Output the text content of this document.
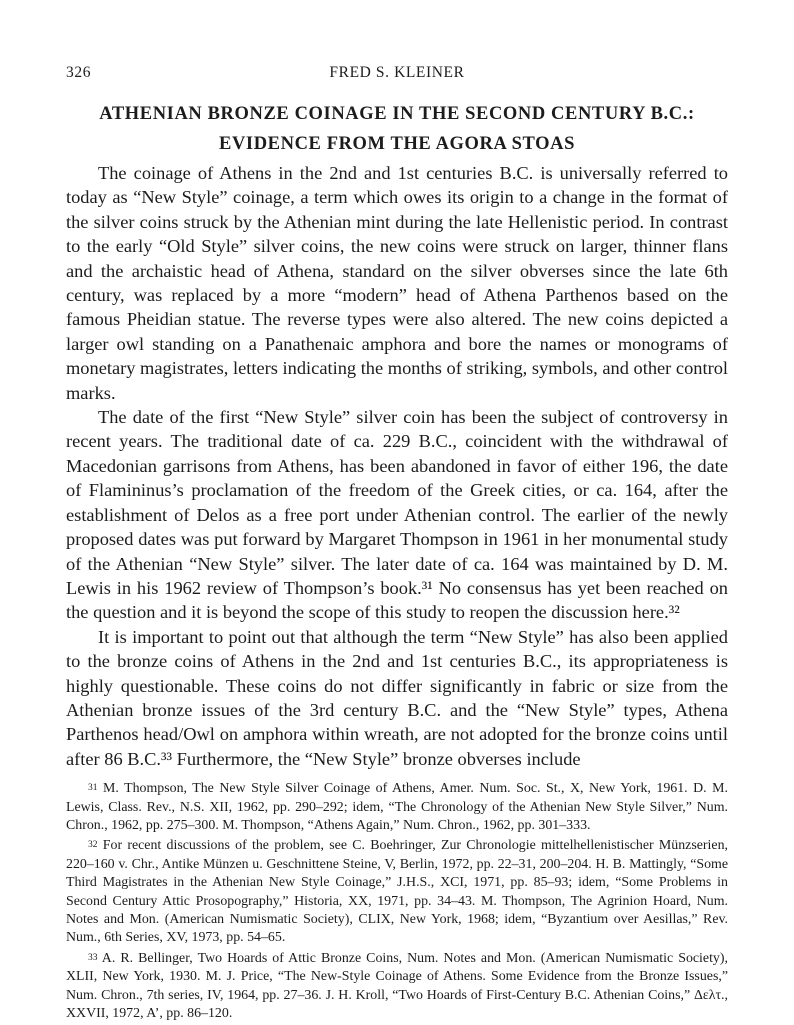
326	FRED S. KLEINER
ATHENIAN BRONZE COINAGE IN THE SECOND CENTURY B.C.:
EVIDENCE FROM THE AGORA STOAS

The coinage of Athens in the 2nd and 1st centuries B.C. is universally referred to today as “New Style” coinage, a term which owes its origin to a change in the format of the silver coins struck by the Athenian mint during the late Hellenistic period. In contrast to the early “Old Style” silver coins, the new coins were struck on larger, thinner flans and the archaistic head of Athena, standard on the silver obverses since the late 6th century, was replaced by a more “modern” head of Athena Parthenos based on the famous Pheidian statue. The reverse types were also altered. The new coins depicted a larger owl standing on a Panathenaic amphora and bore the names or monograms of monetary magistrates, letters indicating the months of striking, symbols, and other control marks.

The date of the first “New Style” silver coin has been the subject of controversy in recent years. The traditional date of ca. 229 B.C., coincident with the withdrawal of Macedonian garrisons from Athens, has been abandoned in favor of either 196, the date of Flamininus’s proclamation of the freedom of the Greek cities, or ca. 164, after the establishment of Delos as a free port under Athenian control. The earlier of the newly proposed dates was put forward by Margaret Thompson in 1961 in her monumental study of the Athenian “New Style” silver. The later date of ca. 164 was maintained by D. M. Lewis in his 1962 review of Thompson’s book.³¹ No consensus has yet been reached on the question and it is beyond the scope of this study to reopen the discussion here.³²

It is important to point out that although the term “New Style” has also been applied to the bronze coins of Athens in the 2nd and 1st centuries B.C., its appropriateness is highly questionable. These coins do not differ significantly in fabric or size from the Athenian bronze issues of the 3rd century B.C. and the “New Style” types, Athena Parthenos head/Owl on amphora within wreath, are not adopted for the bronze coins until after 86 B.C.³³ Furthermore, the “New Style” bronze obverses include

$^{31}$ M. Thompson, The New Style Silver Coinage of Athens, Amer. Num. Soc. St., X, New York, 1961. D. M. Lewis, Class. Rev., N.S. XII, 1962, pp. 290–292; idem, “The Chronology of the Athenian New Style Silver,” Num. Chron., 1962, pp. 275–300. M. Thompson, “Athens Again,” Num. Chron., 1962, pp. 301–333.

$^{32}$ For recent discussions of the problem, see C. Boehringer, Zur Chronologie mittelhellenistischer Münzserien, 220–160 v. Chr., Antike Münzen u. Geschnittene Steine, V, Berlin, 1972, pp. 22–31, 200–204. H. B. Mattingly, “Some Third Magistrates in the Athenian New Style Coinage,” J.H.S., XCI, 1971, pp. 85–93; idem, “Some Problems in Second Century Attic Prosopography,” Historia, XX, 1971, pp. 34–43. M. Thompson, The Agrinion Hoard, Num. Notes and Mon. (American Numismatic Society), CLIX, New York, 1968; idem, “Byzantium over Aesillas,” Rev. Num., 6th Series, XV, 1973, pp. 54–65.

$^{33}$ A. R. Bellinger, Two Hoards of Attic Bronze Coins, Num. Notes and Mon. (American Numismatic Society), XLII, New York, 1930. M. J. Price, “The New-Style Coinage of Athens. Some Evidence from the Bronze Issues,” Num. Chron., 7th series, IV, 1964, pp. 27–36. J. H. Kroll, “Two Hoards of First-Century B.C. Athenian Coins,” Δελτ., XXVII, 1972, A’, pp. 86–120.
